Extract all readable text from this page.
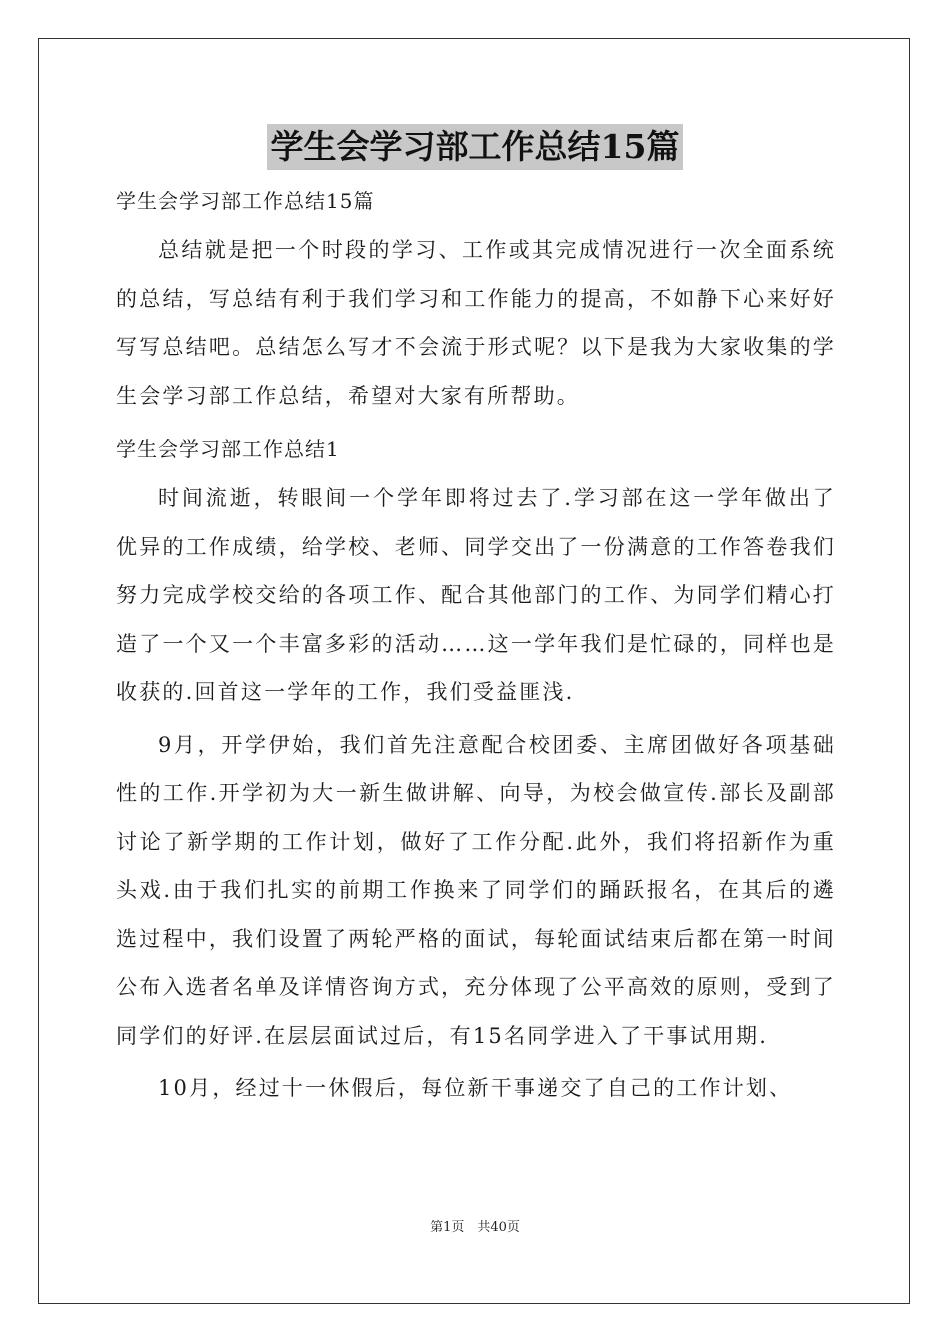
学生会学习部工作总结15篇
学生会学习部工作总结15篇

总结就是把一个时段的学习、工作或其完成情况进行一次全面系统的总结，写总结有利于我们学习和工作能力的提高，不如静下心来好好写写总结吧。总结怎么写才不会流于形式呢？以下是我为大家收集的学生会学习部工作总结，希望对大家有所帮助。

学生会学习部工作总结1

时间流逝，转眼间一个学年即将过去了.学习部在这一学年做出了优异的工作成绩，给学校、老师、同学交出了一份满意的工作答卷我们努力完成学校交给的各项工作、配合其他部门的工作、为同学们精心打造了一个又一个丰富多彩的活动……这一学年我们是忙碌的，同样也是收获的.回首这一学年的工作，我们受益匪浅.

9月，开学伊始，我们首先注意配合校团委、主席团做好各项基础性的工作.开学初为大一新生做讲解、向导，为校会做宣传.部长及副部讨论了新学期的工作计划，做好了工作分配.此外，我们将招新作为重头戏.由于我们扎实的前期工作换来了同学们的踊跃报名，在其后的遴选过程中，我们设置了两轮严格的面试，每轮面试结束后都在第一时间公布入选者名单及详情咨询方式，充分体现了公平高效的原则，受到了同学们的好评.在层层面试过后，有15名同学进入了干事试用期.

10月，经过十一休假后，每位新干事递交了自己的工作计划、

第1页　共40页
